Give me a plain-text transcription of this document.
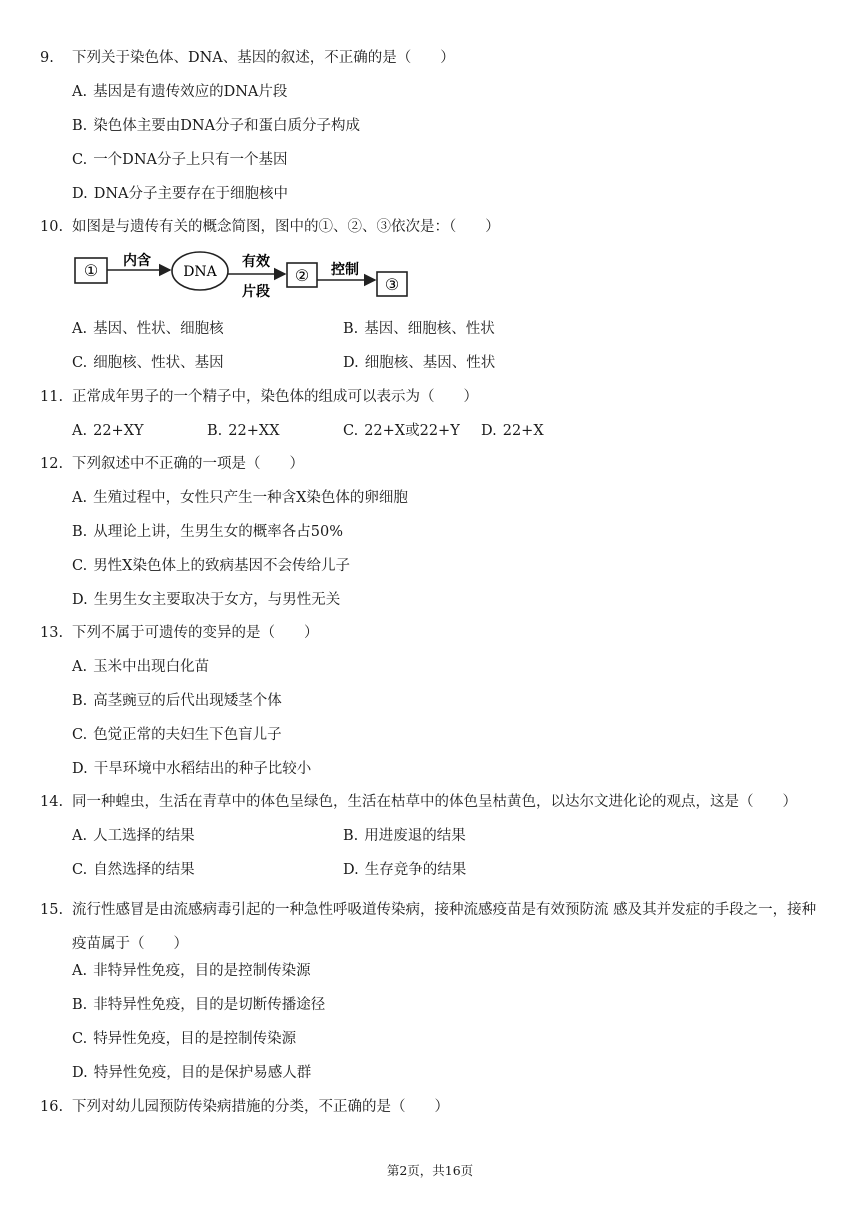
9. 下列关于染色体、DNA、基因的叙述，不正确的是（　　）
A. 基因是有遗传效应的DNA片段
B. 染色体主要由DNA分子和蛋白质分子构成
C. 一个DNA分子上只有一个基因
D. DNA分子主要存在于细胞核中
10. 如图是与遗传有关的概念简图，图中的①、②、③依次是：（　　）
① 内含
DNA
有效
片段
② 控制
③
A. 基因、性状、细胞核	B. 基因、细胞核、性状
C. 细胞核、性状、基因	D. 细胞核、基因、性状
11. 正常成年男子的一个精子中，染色体的组成可以表示为（　　）
A. 22+XY	B. 22+XX	C. 22+X或22+Y D. 22+X
12. 下列叙述中不正确的一项是（　　）
A. 生殖过程中，女性只产生一种含X染色体的卵细胞
B. 从理论上讲，生男生女的概率各占50%
C. 男性X染色体上的致病基因不会传给儿子
D. 生男生女主要取决于女方，与男性无关
13. 下列不属于可遗传的变异的是（　　）
A. 玉米中出现白化苗
B. 高茎豌豆的后代出现矮茎个体
C. 色觉正常的夫妇生下色盲儿子
D. 干旱环境中水稻结出的种子比较小
14. 同一种蝗虫，生活在青草中的体色呈绿色，生活在枯草中的体色呈枯黄色，以达尔文进化论的观点，这是（　　）
A. 人工选择的结果	B. 用进废退的结果
C. 自然选择的结果	D. 生存竞争的结果
15. 流行性感冒是由流感病毒引起的一种急性呼吸道传染病，接种流感疫苗是有效预防流 感及其并发症的手段之一，接种疫苗属于（　　）
A. 非特异性免疫，目的是控制传染源
B. 非特异性免疫，目的是切断传播途径
C. 特异性免疫，目的是控制传染源
D. 特异性免疫，目的是保护易感人群
16. 下列对幼儿园预防传染病措施的分类，不正确的是（　　）
第2页，共16页
